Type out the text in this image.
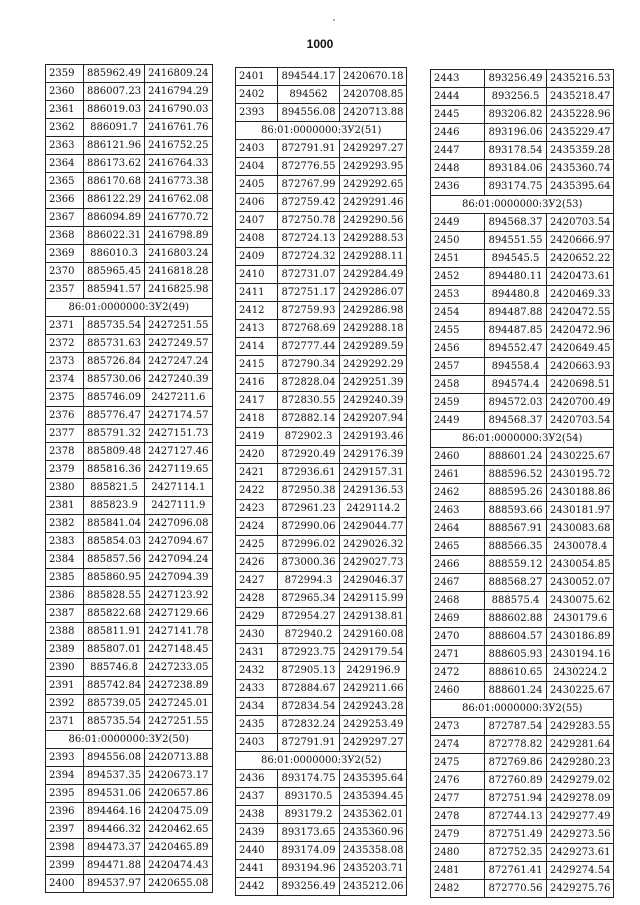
1000
2359	885962.49	2416809.24
2360	886007.23	2416794.29
2361	886019.03	2416790.03
2362	886091.7	2416761.76
2363	886121.96	2416752.25
2364	886173.62	2416764.33
2365	886170.68	2416773.38
2366	886122.29	2416762.08
2367	886094.89	2416770.72
2368	886022.31	2416798.89
2369	886010.3	2416803.24
2370	885965.45	2416818.28
2357	885941.57	2416825.98
86:01:0000000:ЗУ2(49)		
2371	885735.54	2427251.55
2372	885731.63	2427249.57
2373	885726.84	2427247.24
2374	885730.06	2427240.39
2375	885746.09	2427211.6
2376	885776.47	2427174.57
2377	885791.32	2427151.73
2378	885809.48	2427127.46
2379	885816.36	2427119.65
2380	885821.5	2427114.1
2381	885823.9	2427111.9
2382	885841.04	2427096.08
2383	885854.03	2427094.67
2384	885857.56	2427094.24
2385	885860.95	2427094.39
2386	885828.55	2427123.92
2387	885822.68	2427129.66
2388	885811.91	2427141.78
2389	885807.01	2427148.45
2390	885746.8	2427233.05
2391	885742.84	2427238.89
2392	885739.05	2427245.01
2371	885735.54	2427251.55
86:01:0000000:ЗУ2(50)		
2393	894556.08	2420713.88
2394	894537.35	2420673.17
2395	894531.06	2420657.86
2396	894464.16	2420475.09
2397	894466.32	2420462.65
2398	894473.37	2420465.89
2399	894471.88	2420474.43
2400	894537.97	2420655.08
2401	894544.17	2420670.18
2402	894562	2420708.85
2393	894556.08	2420713.88
86:01:0000000:ЗУ2(51)		
2403	872791.91	2429297.27
2404	872776.55	2429293.95
2405	872767.99	2429292.65
2406	872759.42	2429291.46
2407	872750.78	2429290.56
2408	872724.13	2429288.53
2409	872724.32	2429288.11
2410	872731.07	2429284.49
2411	872751.17	2429286.07
2412	872759.93	2429286.98
2413	872768.69	2429288.18
2414	872777.44	2429289.59
2415	872790.34	2429292.29
2416	872828.04	2429251.39
2417	872830.55	2429240.39
2418	872882.14	2429207.94
2419	872902.3	2429193.46
2420	872920.49	2429176.39
2421	872936.61	2429157.31
2422	872950.38	2429136.53
2423	872961.23	2429114.2
2424	872990.06	2429044.77
2425	872996.02	2429026.32
2426	873000.36	2429027.73
2427	872994.3	2429046.37
2428	872965.34	2429115.99
2429	872954.27	2429138.81
2430	872940.2	2429160.08
2431	872923.75	2429179.54
2432	872905.13	2429196.9
2433	872884.67	2429211.66
2434	872834.54	2429243.28
2435	872832.24	2429253.49
2403	872791.91	2429297.27
86:01:0000000:ЗУ2(52)		
2436	893174.75	2435395.64
2437	893170.5	2435394.45
2438	893179.2	2435362.01
2439	893173.65	2435360.96
2440	893174.09	2435358.08
2441	893194.96	2435203.71
2442	893256.49	2435212.06
2443	893256.49	2435216.53
2444	893256.5	2435218.47
2445	893206.82	2435228.96
2446	893196.06	2435229.47
2447	893178.54	2435359.28
2448	893184.06	2435360.74
2436	893174.75	2435395.64
86:01:0000000:ЗУ2(53)		
2449	894568.37	2420703.54
2450	894551.55	2420666.97
2451	894545.5	2420652.22
2452	894480.11	2420473.61
2453	894480.8	2420469.33
2454	894487.88	2420472.55
2455	894487.85	2420472.96
2456	894552.47	2420649.45
2457	894558.4	2420663.93
2458	894574.4	2420698.51
2459	894572.03	2420700.49
2449	894568.37	2420703.54
86:01:0000000:ЗУ2(54)		
2460	888601.24	2430225.67
2461	888596.52	2430195.72
2462	888595.26	2430188.86
2463	888593.66	2430181.97
2464	888567.91	2430083.68
2465	888566.35	2430078.4
2466	888559.12	2430054.85
2467	888568.27	2430052.07
2468	888575.4	2430075.62
2469	888602.88	2430179.6
2470	888604.57	2430186.89
2471	888605.93	2430194.16
2472	888610.65	2430224.2
2460	888601.24	2430225.67
86:01:0000000:ЗУ2(55)		
2473	872787.54	2429283.55
2474	872778.82	2429281.64
2475	872769.86	2429280.23
2476	872760.89	2429279.02
2477	872751.94	2429278.09
2478	872744.13	2429277.49
2479	872751.49	2429273.56
2480	872752.35	2429273.61
2481	872761.41	2429274.54
2482	872770.56	2429275.76
